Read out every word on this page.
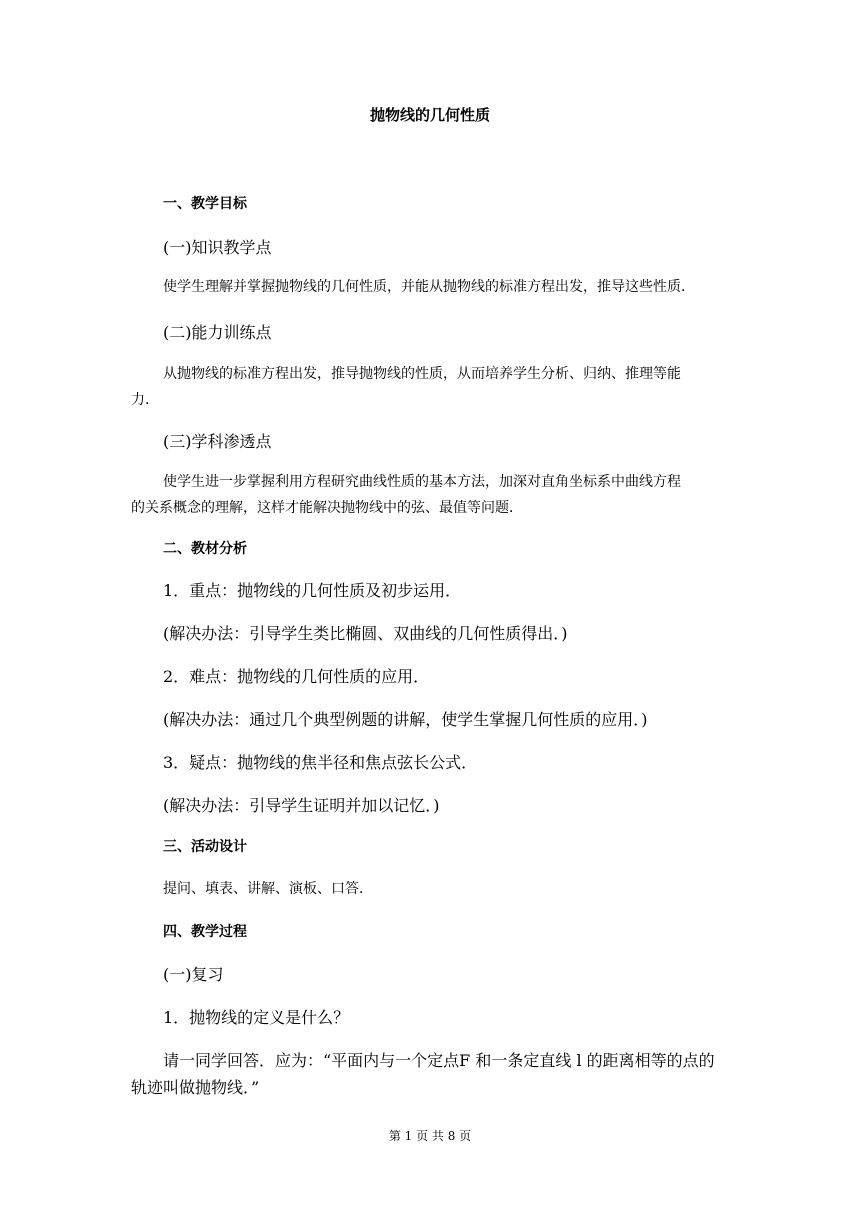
抛物线的几何性质
一、教学目标
(一)知识教学点
使学生理解并掌握抛物线的几何性质，并能从抛物线的标准方程出发，推导这些性质．
(二)能力训练点
从抛物线的标准方程出发，推导抛物线的性质，从而培养学生分析、归纳、推理等能
力．
(三)学科渗透点
使学生进一步掌握利用方程研究曲线性质的基本方法，加深对直角坐标系中曲线方程
的关系概念的理解，这样才能解决抛物线中的弦、最值等问题．
二、教材分析
1．重点：抛物线的几何性质及初步运用．
(解决办法：引导学生类比椭圆、双曲线的几何性质得出．)
2．难点：抛物线的几何性质的应用．
(解决办法：通过几个典型例题的讲解，使学生掌握几何性质的应用．)
3．疑点：抛物线的焦半径和焦点弦长公式．
(解决办法：引导学生证明并加以记忆．)
三、活动设计
提问、填表、讲解、演板、口答．
四、教学过程
(一)复习
1．抛物线的定义是什么？
请一同学回答．应为：“平面内与一个定点F 和一条定直线 l 的距离相等的点的
轨迹叫做抛物线．”
第 1 页 共 8 页
